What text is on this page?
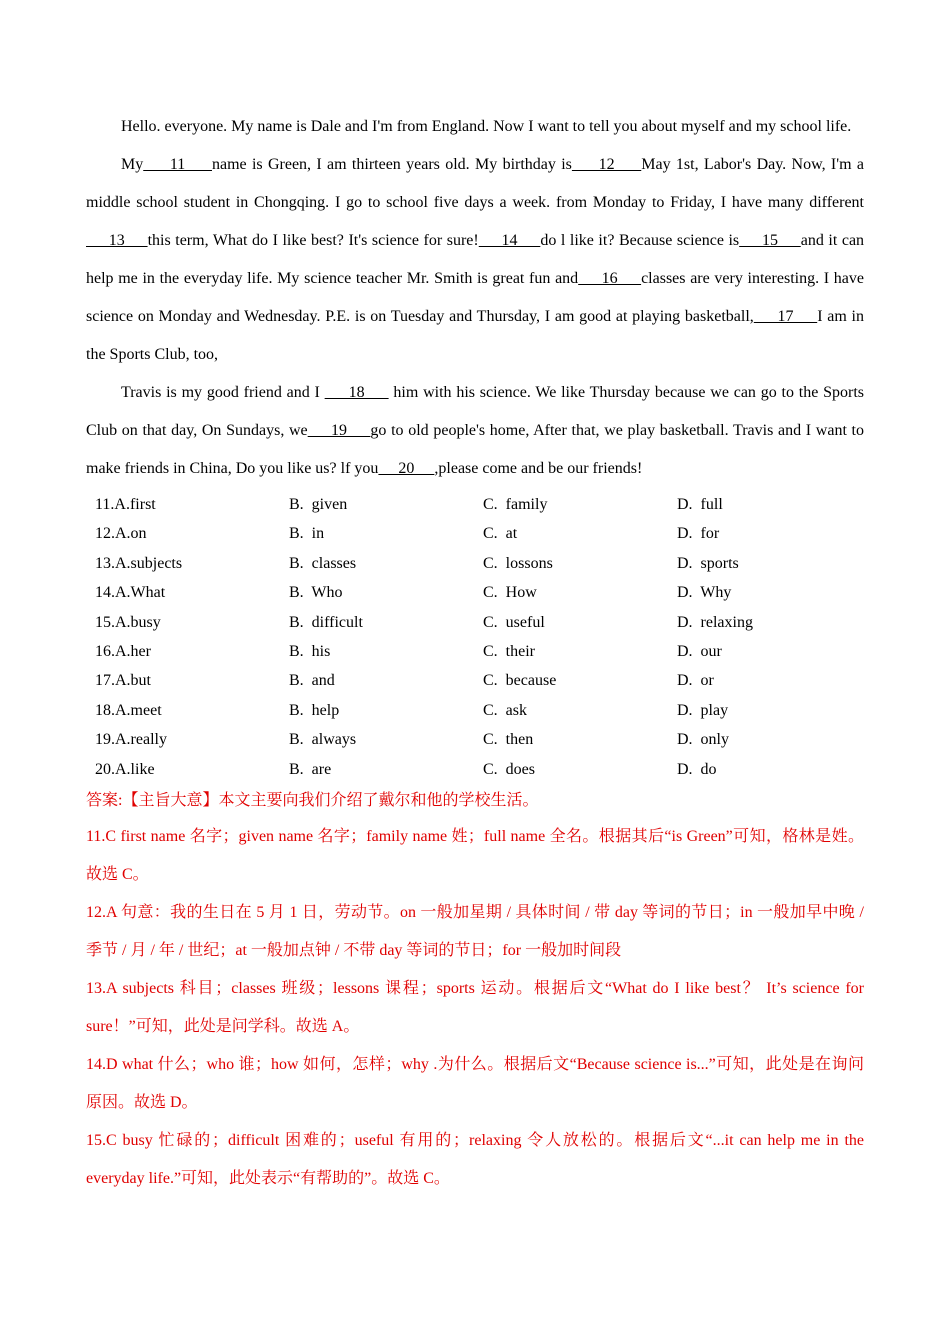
Hello. everyone. My name is Dale and I'm from England. Now I want to tell you about myself and my school life.

My     11     name is Green, I am thirteen years old. My birthday is     12     May 1st, Labor's Day. Now, I'm a middle school student in Chongqing. I go to school five days a week. from Monday to Friday, I have many different     13     this term, What do I like best? It's science for sure!     14     do l like it? Because science is     15     and it can help me in the everyday life. My science teacher Mr. Smith is great fun and     16     classes are very interesting. I have science on Monday and Wednesday. P.E. is on Tuesday and Thursday, I am good at playing basketball,     17     I am in the Sports Club, too,

Travis is my good friend and I      18      him with his science. We like Thursday because we can go to the Sports Club on that day, On Sundays, we     19     go to old people's home, After that, we play basketball. Travis and I want to make friends in China, Do you like us? lf you     20     ,please come and be our friends!

11.A.first	B.  given	C.  family	D.  full
12.A.on	B.  in	C.  at	D.  for
13.A.subjects	B.  classes	C.  lossons	D.  sports
14.A.What	B.  Who	C.  How	D.  Why
15.A.busy	B.  difficult	C.  useful	D.  relaxing
16.A.her	B.  his	C.  their	D.  our
17.A.but	B.  and	C.  because	D.  or
18.A.meet	B.  help	C.  ask	D.  play
19.A.really	B.  always	C.  then	D.  only
20.A.like	B.  are	C.  does	D.  do
答案:【主旨大意】本文主要向我们介绍了戴尔和他的学校生活。

11.C first name 名字；given name 名字；family name 姓；full name 全名。根据其后“is Green”可知，格林是姓。故选 C。

12.A 句意：我的生日在 5 月 1 日，劳动节。on 一般加星期 / 具体时间 / 带 day 等词的节日；in 一般加早中晚 / 季节 / 月 / 年 / 世纪；at 一般加点钟 / 不带 day 等词的节日；for 一般加时间段

13.A subjects 科目；classes 班级；lessons 课程；sports 运动。根据后文“What do I like best？ It’s science for sure！”可知，此处是问学科。故选 A。

14.D what 什么；who 谁；how 如何，怎样；why .为什么。根据后文“Because science is...”可知，此处是在询问原因。故选 D。

15.C busy 忙碌的；difficult 困难的；useful 有用的；relaxing 令人放松的。根据后文“...it can help me in the everyday life.”可知，此处表示“有帮助的”。故选 C。
